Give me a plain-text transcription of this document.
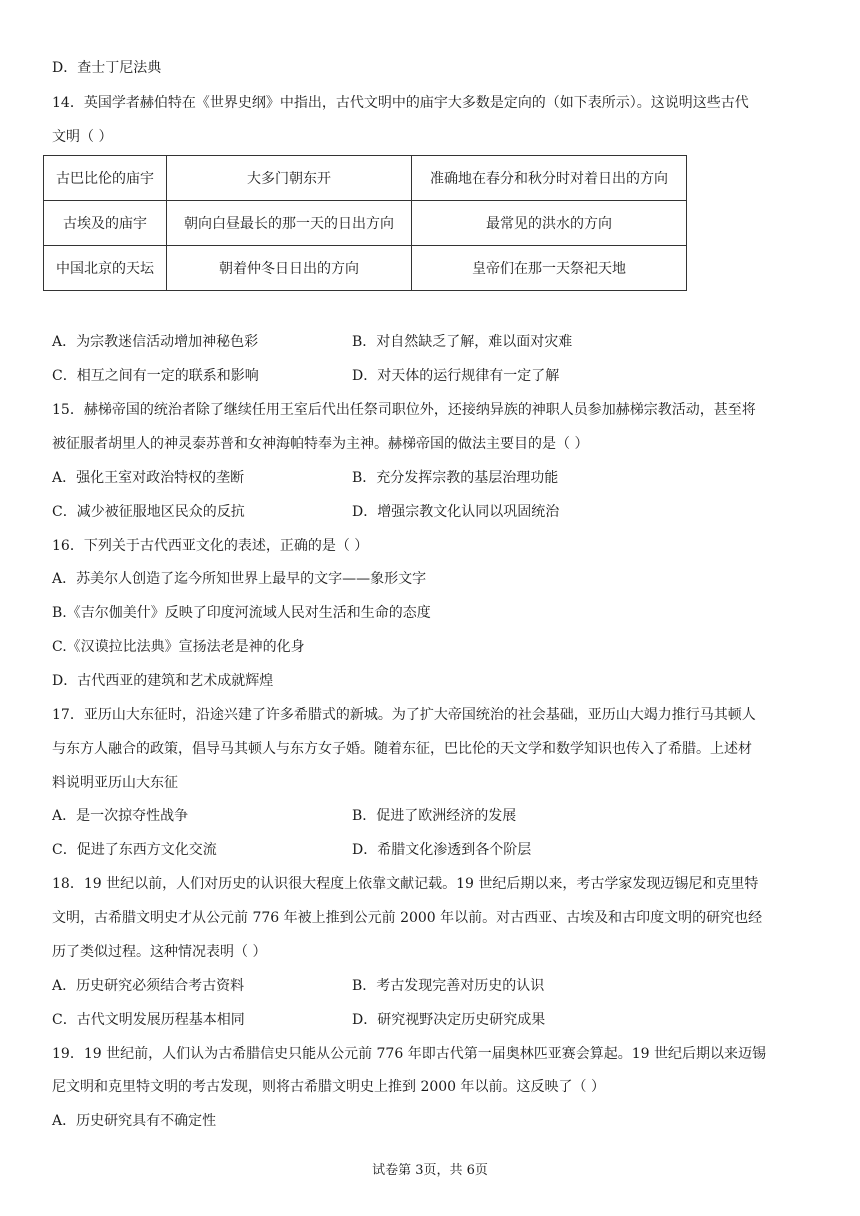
D．查士丁尼法典
14．英国学者赫伯特在《世界史纲》中指出，古代文明中的庙宇大多数是定向的（如下表所示）。这说明这些古代
文明（ ）
古巴比伦的庙宇	大多门朝东开	准确地在春分和秋分时对着日出的方向
古埃及的庙宇	朝向白昼最长的那一天的日出方向	最常见的洪水的方向
中国北京的天坛	朝着仲冬日日出的方向	皇帝们在那一天祭祀天地
A．为宗教迷信活动增加神秘色彩	B．对自然缺乏了解，难以面对灾难
C．相互之间有一定的联系和影响	D．对天体的运行规律有一定了解
15．赫梯帝国的统治者除了继续任用王室后代出任祭司职位外，还接纳异族的神职人员参加赫梯宗教活动，甚至将
被征服者胡里人的神灵泰苏普和女神海帕特奉为主神。赫梯帝国的做法主要目的是（ ）
A．强化王室对政治特权的垄断	B．充分发挥宗教的基层治理功能
C．减少被征服地区民众的反抗	D．增强宗教文化认同以巩固统治
16．下列关于古代西亚文化的表述，正确的是（ ）
A．苏美尔人创造了迄今所知世界上最早的文字——象形文字
B.《吉尔伽美什》反映了印度河流域人民对生活和生命的态度
C.《汉谟拉比法典》宣扬法老是神的化身
D．古代西亚的建筑和艺术成就辉煌
17．亚历山大东征时，沿途兴建了许多希腊式的新城。为了扩大帝国统治的社会基础，亚历山大竭力推行马其顿人
与东方人融合的政策，倡导马其顿人与东方女子婚。随着东征，巴比伦的天文学和数学知识也传入了希腊。上述材
料说明亚历山大东征
A．是一次掠夺性战争	B．促进了欧洲经济的发展
C．促进了东西方文化交流	D．希腊文化渗透到各个阶层
18．19 世纪以前，人们对历史的认识很大程度上依靠文献记载。19 世纪后期以来，考古学家发现迈锡尼和克里特
文明，古希腊文明史才从公元前 776 年被上推到公元前 2000 年以前。对古西亚、古埃及和古印度文明的研究也经
历了类似过程。这种情况表明（ ）
A．历史研究必须结合考古资料	B．考古发现完善对历史的认识
C．古代文明发展历程基本相同	D．研究视野决定历史研究成果
19．19 世纪前，人们认为古希腊信史只能从公元前 776 年即古代第一届奥林匹亚赛会算起。19 世纪后期以来迈锡
尼文明和克里特文明的考古发现，则将古希腊文明史上推到 2000 年以前。这反映了（ ）
A．历史研究具有不确定性
试卷第 3页，共 6页
